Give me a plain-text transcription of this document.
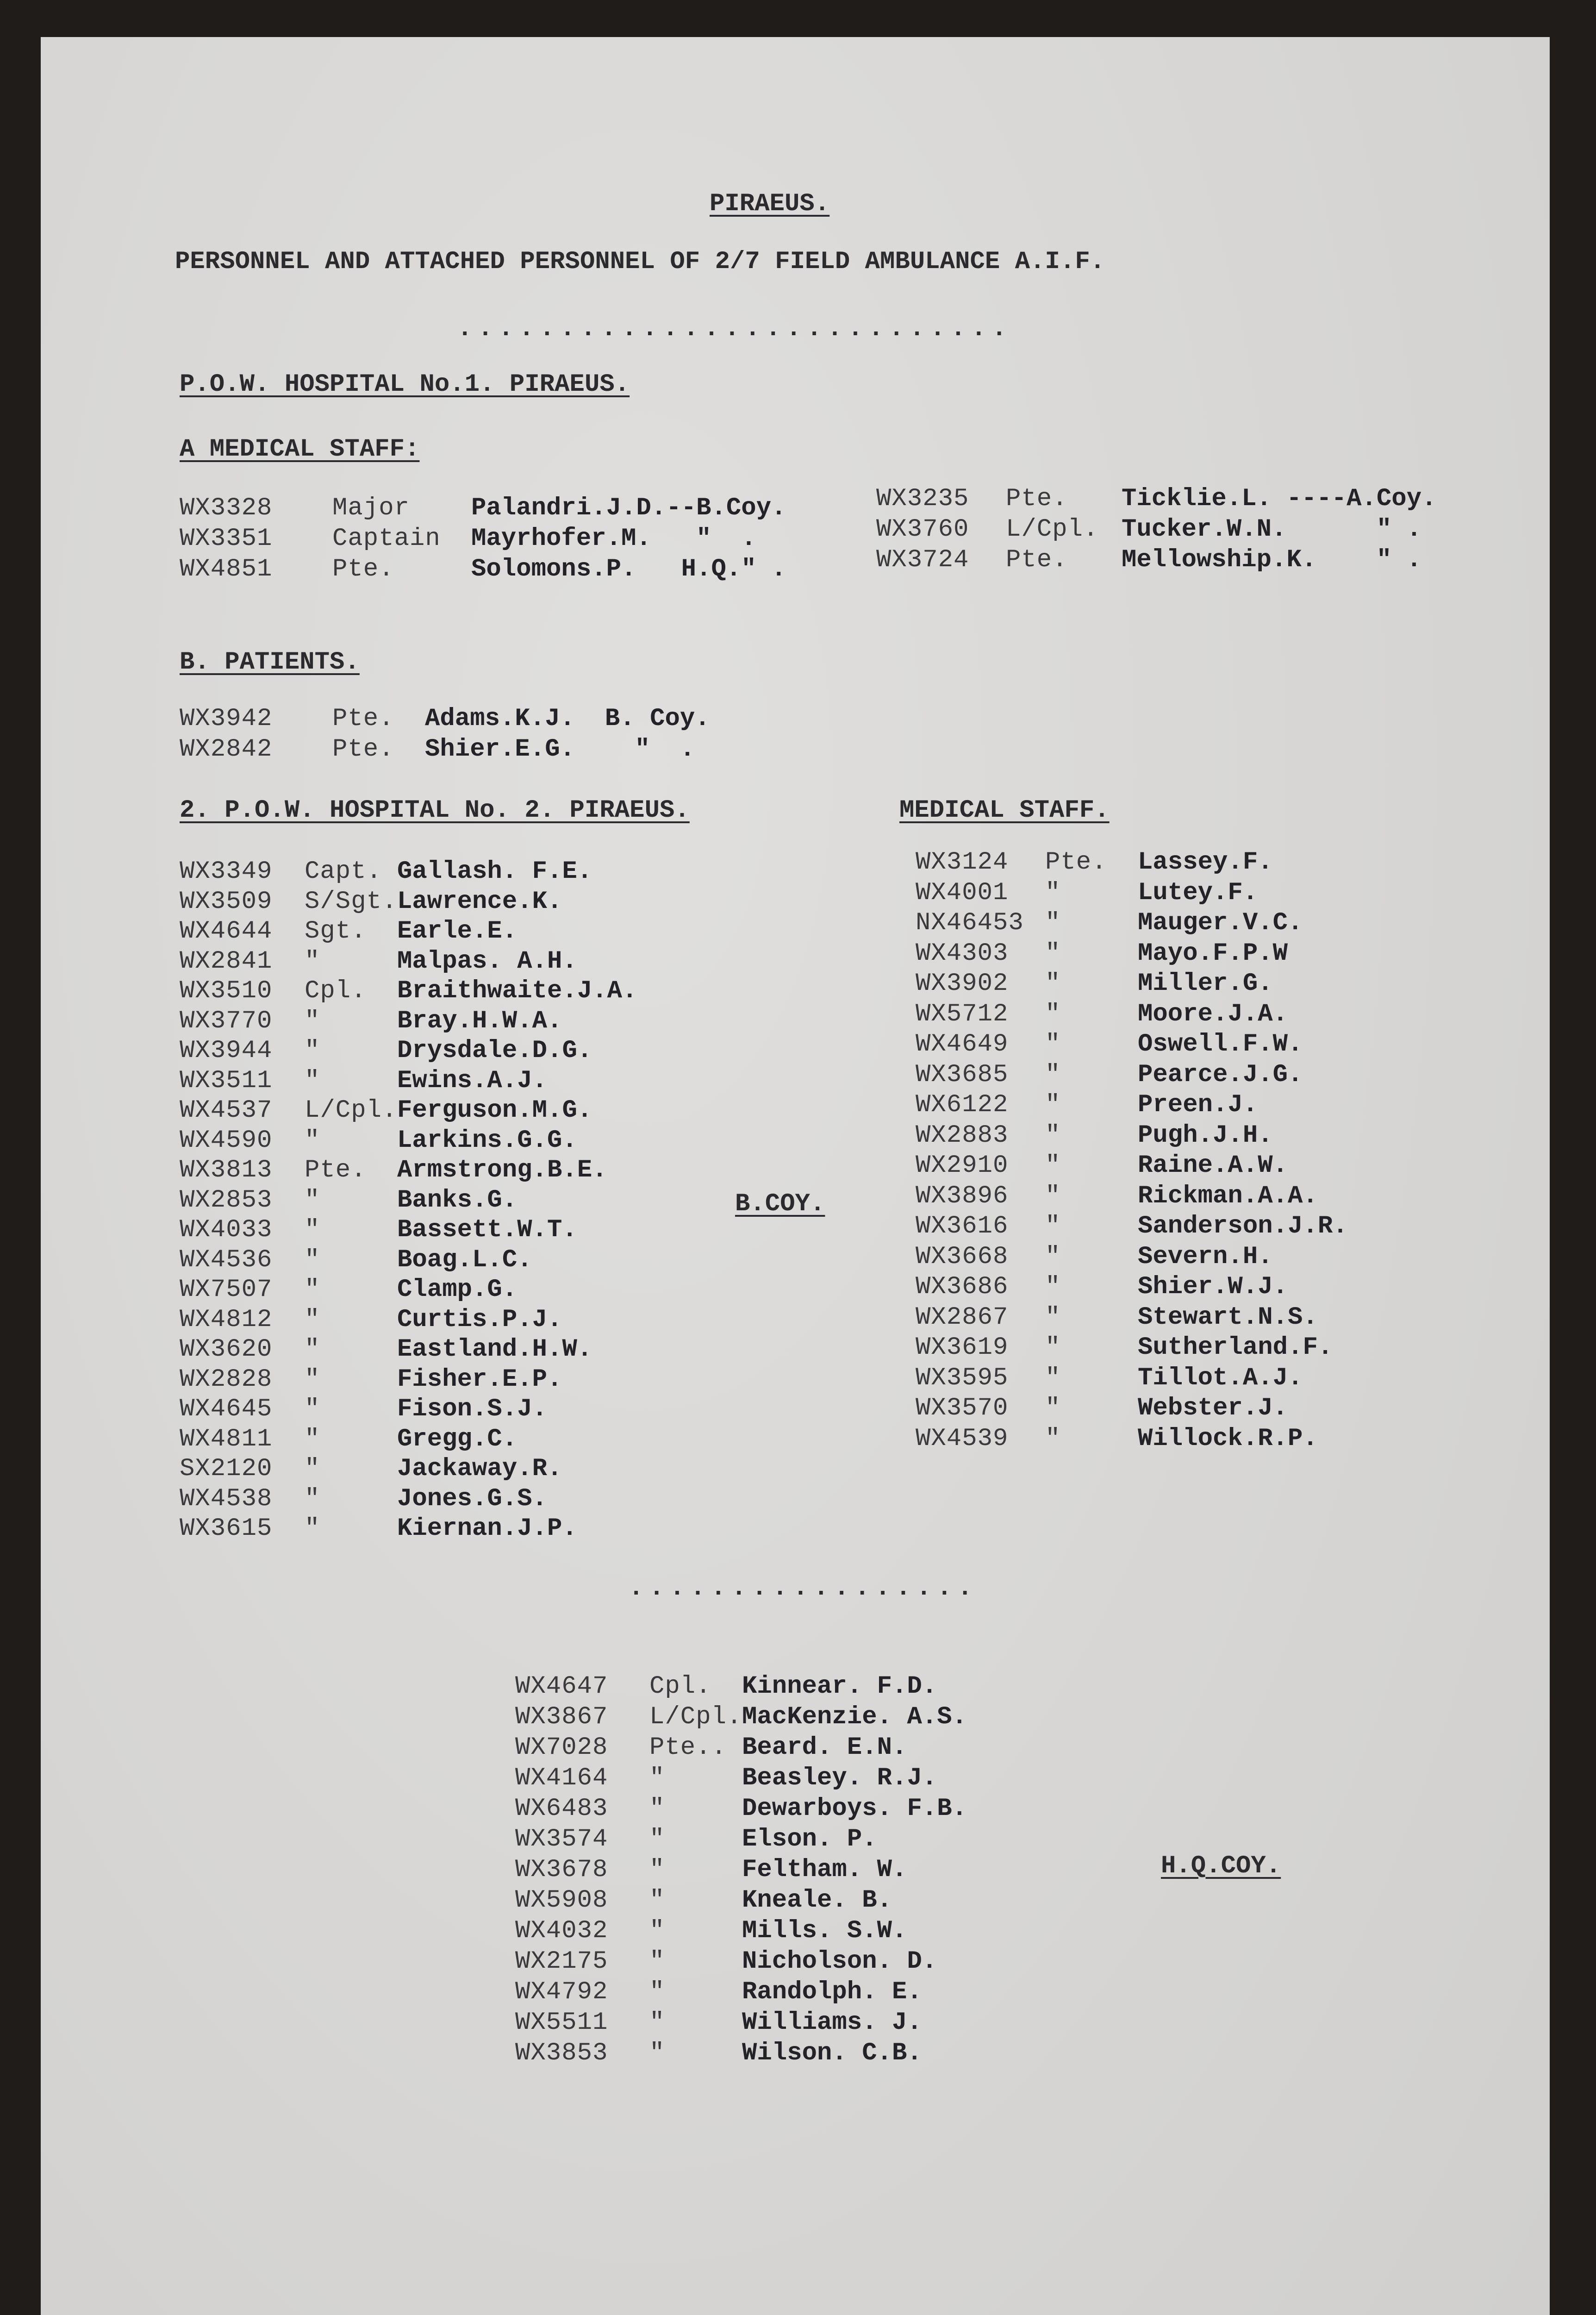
PIRAEUS.
PERSONNEL AND ATTACHED PERSONNEL OF 2/7 FIELD AMBULANCE A.I.F.
...........................
P.O.W. HOSPITAL No.1. PIRAEUS.
A MEDICAL STAFF:
WX3328 Major Palandri.J.D.--B.Coy.
WX3351 Captain Mayrhofer.M.   "  .
WX4851 Pte.	Solomons.P.   H.Q." .
WX3235 Pte. Ticklie.L. ----A.Coy.
WX3760 L/Cpl. Tucker.W.N.      " .
WX3724 Pte. Mellowship.K.    " .
B. PATIENTS.
WX3942 Pte. Adams.K.J.  B. Coy.
WX2842 Pte. Shier.E.G.    "  .
2. P.O.W. HOSPITAL No. 2. PIRAEUS.	MEDICAL STAFF.
WX3349 Capt. Gallash. F.E.
WX3509 S/Sgt. Lawrence.K.
WX4644 Sgt. Earle.E.
WX2841 "	Malpas. A.H.
WX3510 Cpl. Braithwaite.J.A.
WX3770 "	Bray.H.W.A.
WX3944 "	Drysdale.D.G.
WX3511 "	Ewins.A.J.
WX4537 L/Cpl. Ferguson.M.G.
WX4590 "	Larkins.G.G.
WX3813 Pte. Armstrong.B.E.
WX2853 "	Banks.G.
WX4033 "	Bassett.W.T.
WX4536 "	Boag.L.C.
WX7507 "	Clamp.G.
WX4812 "	Curtis.P.J.
WX3620 "	Eastland.H.W.
WX2828 "	Fisher.E.P.
WX4645 "	Fison.S.J.
WX4811 "	Gregg.C.
SX2120 "	Jackaway.R.
WX4538 "	Jones.G.S.
WX3615 "	Kiernan.J.P.
WX3124 Pte. Lassey.F.
WX4001 "	Lutey.F.
NX46453 "	Mauger.V.C.
WX4303 "	Mayo.F.P.W
WX3902 "	Miller.G.
WX5712 "	Moore.J.A.
WX4649 "	Oswell.F.W.
WX3685 "	Pearce.J.G.
WX6122 "	Preen.J.
WX2883 "	Pugh.J.H.
WX2910 "	Raine.A.W.
WX3896 "	Rickman.A.A.
WX3616 "	Sanderson.J.R.
WX3668 "	Severn.H.
WX3686 "	Shier.W.J.
WX2867 "	Stewart.N.S.
WX3619 "	Sutherland.F.
WX3595 "	Tillot.A.J.
WX3570 "	Webster.J.
WX4539 "	Willock.R.P.
B.COY.
.................
WX4647 Cpl. Kinnear. F.D.
WX3867 L/Cpl. MacKenzie. A.S.
WX7028 Pte.. Beard. E.N.
WX4164 "	Beasley. R.J.
WX6483 "	Dewarboys. F.B.
WX3574 "	Elson. P.
WX3678 "	Feltham. W.
WX5908 "	Kneale. B.
WX4032 "	Mills. S.W.
WX2175 "	Nicholson. D.
WX4792 "	Randolph. E.
WX5511 "	Williams. J.
WX3853 "	Wilson. C.B.
H.Q.COY.
